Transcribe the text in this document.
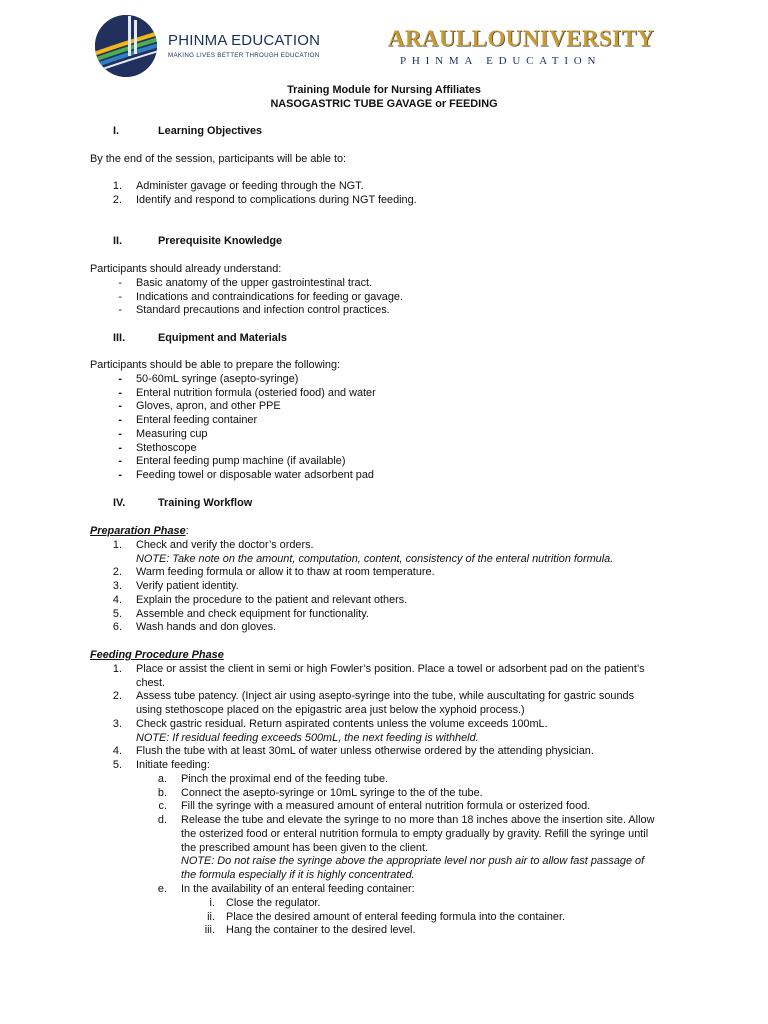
PHINMA EDUCATION
MAKING LIVES BETTER THROUGH EDUCATION
ARAULLOUNIVERSITY
PHINMA EDUCATION
Training Module for Nursing Affiliates
NASOGASTRIC TUBE GAVAGE or FEEDING
I.	Learning Objectives
By the end of the session, participants will be able to:
II.	Prerequisite Knowledge
Participants should already understand:
III.	Equipment and Materials
Participants should be able to prepare the following:
IV.	Training Workflow
Preparation Phase:
Feeding Procedure Phase
1. Administer gavage or feeding through the NGT.
2. Identify and respond to complications during NGT feeding.
- Basic anatomy of the upper gastrointestinal tract.
- Indications and contraindications for feeding or gavage.
- Standard precautions and infection control practices.
- 50-60mL syringe (asepto-syringe)
- Enteral nutrition formula (osteried food) and water
- Gloves, apron, and other PPE
- Enteral feeding container
- Measuring cup
- Stethoscope
- Enteral feeding pump machine (if available)
- Feeding towel or disposable water adsorbent pad
1. Check and verify the doctor’s orders.
NOTE: Take note on the amount, computation, content, consistency of the enteral nutrition formula.
2. Warm feeding formula or allow it to thaw at room temperature.
3. Verify patient identity.
4. Explain the procedure to the patient and relevant others.
5. Assemble and check equipment for functionality.
6. Wash hands and don gloves.
1. Place or assist the client in semi or high Fowler’s position. Place a towel or adsorbent pad on the patient’s
chest.
2. Assess tube patency. (Inject air using asepto-syringe into the tube, while auscultating for gastric sounds
using stethoscope placed on the epigastric area just below the xyphoid process.)
3. Check gastric residual. Return aspirated contents unless the volume exceeds 100mL.
NOTE: If residual feeding exceeds 500mL, the next feeding is withheld.
4. Flush the tube with at least 30mL of water unless otherwise ordered by the attending physician.
5. Initiate feeding:
a. Pinch the proximal end of the feeding tube.
b. Connect the asepto-syringe or 10mL syringe to the of the tube.
c. Fill the syringe with a measured amount of enteral nutrition formula or osterized food.
d. Release the tube and elevate the syringe to no more than 18 inches above the insertion site. Allow
the osterized food or enteral nutrition formula to empty gradually by gravity. Refill the syringe until
the prescribed amount has been given to the client.
NOTE: Do not raise the syringe above the appropriate level nor push air to allow fast passage of
the formula especially if it is highly concentrated.
e. In the availability of an enteral feeding container:
i. Close the regulator.
ii. Place the desired amount of enteral feeding formula into the container.
iii. Hang the container to the desired level.
